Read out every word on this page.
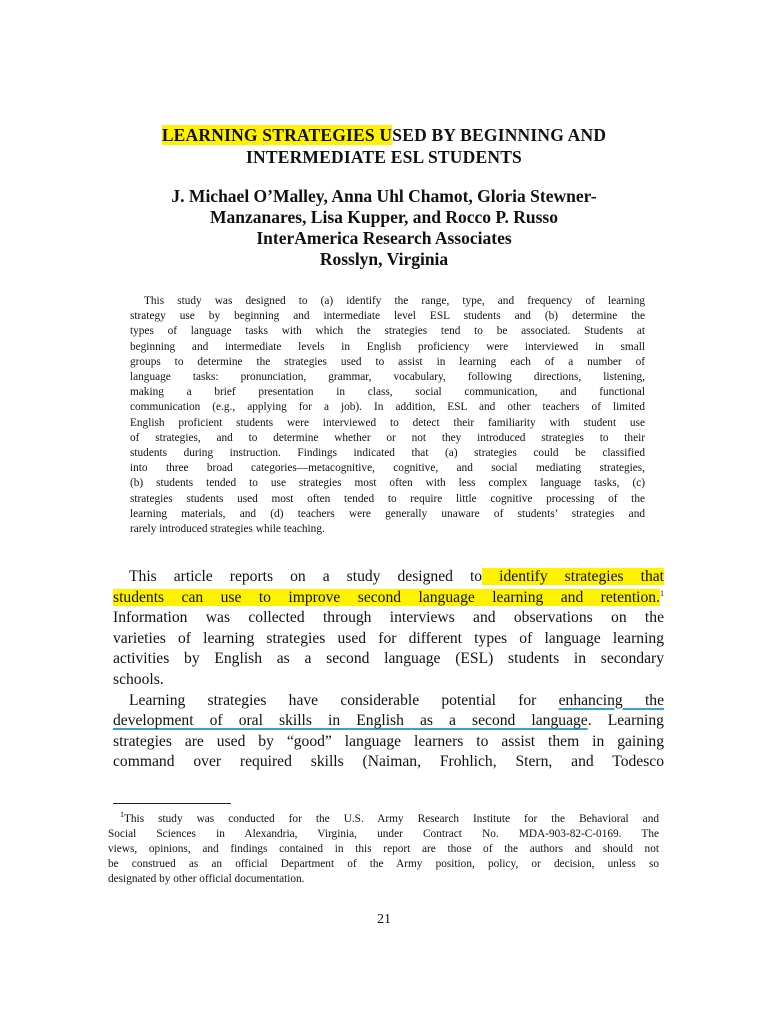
LEARNING STRATEGIES USED BY BEGINNING AND
INTERMEDIATE ESL STUDENTS
J. Michael O’Malley, Anna Uhl Chamot, Gloria Stewner-
Manzanares, Lisa Kupper, and Rocco P. Russo
InterAmerica Research Associates
Rosslyn, Virginia
This study was designed to (a) identify the range, type, and frequency of learning
strategy use by beginning and intermediate level ESL students and (b) determine the
types of language tasks with which the strategies tend to be associated. Students at
beginning and intermediate levels in English proficiency were interviewed in small
groups to determine the strategies used to assist in learning each of a number of
language tasks: pronunciation, grammar, vocabulary, following directions, listening,
making a brief presentation in class, social communication, and functional
communication (e.g., applying for a job). In addition, ESL and other teachers of limited
English proficient students were interviewed to detect their familiarity with student use
of strategies, and to determine whether or not they introduced strategies to their
students during instruction. Findings indicated that (a) strategies could be classified
into three broad categories—metacognitive, cognitive, and social mediating strategies,
(b) students tended to use strategies most often with less complex language tasks, (c)
strategies students used most often tended to require little cognitive processing of the
learning materials, and (d) teachers were generally unaware of students’ strategies and
rarely introduced strategies while teaching.
This article reports on a study designed to identify strategies that
students can use to improve second language learning and retention.$^1$
Information was collected through interviews and observations on the
varieties of learning strategies used for different types of language learning
activities by English as a second language (ESL) students in secondary
schools.
Learning strategies have considerable potential for enhancing the
development of oral skills in English as a second language. Learning
strategies are used by “good” language learners to assist them in gaining
command over required skills (Naiman, Frohlich, Stern, and Todesco
$^1$This study was conducted for the U.S. Army Research Institute for the Behavioral and
Social Sciences in Alexandria, Virginia, under Contract No. MDA-903-82-C-0169. The
views, opinions, and findings contained in this report are those of the authors and should not
be construed as an official Department of the Army position, policy, or decision, unless so
designated by other official documentation.
21
